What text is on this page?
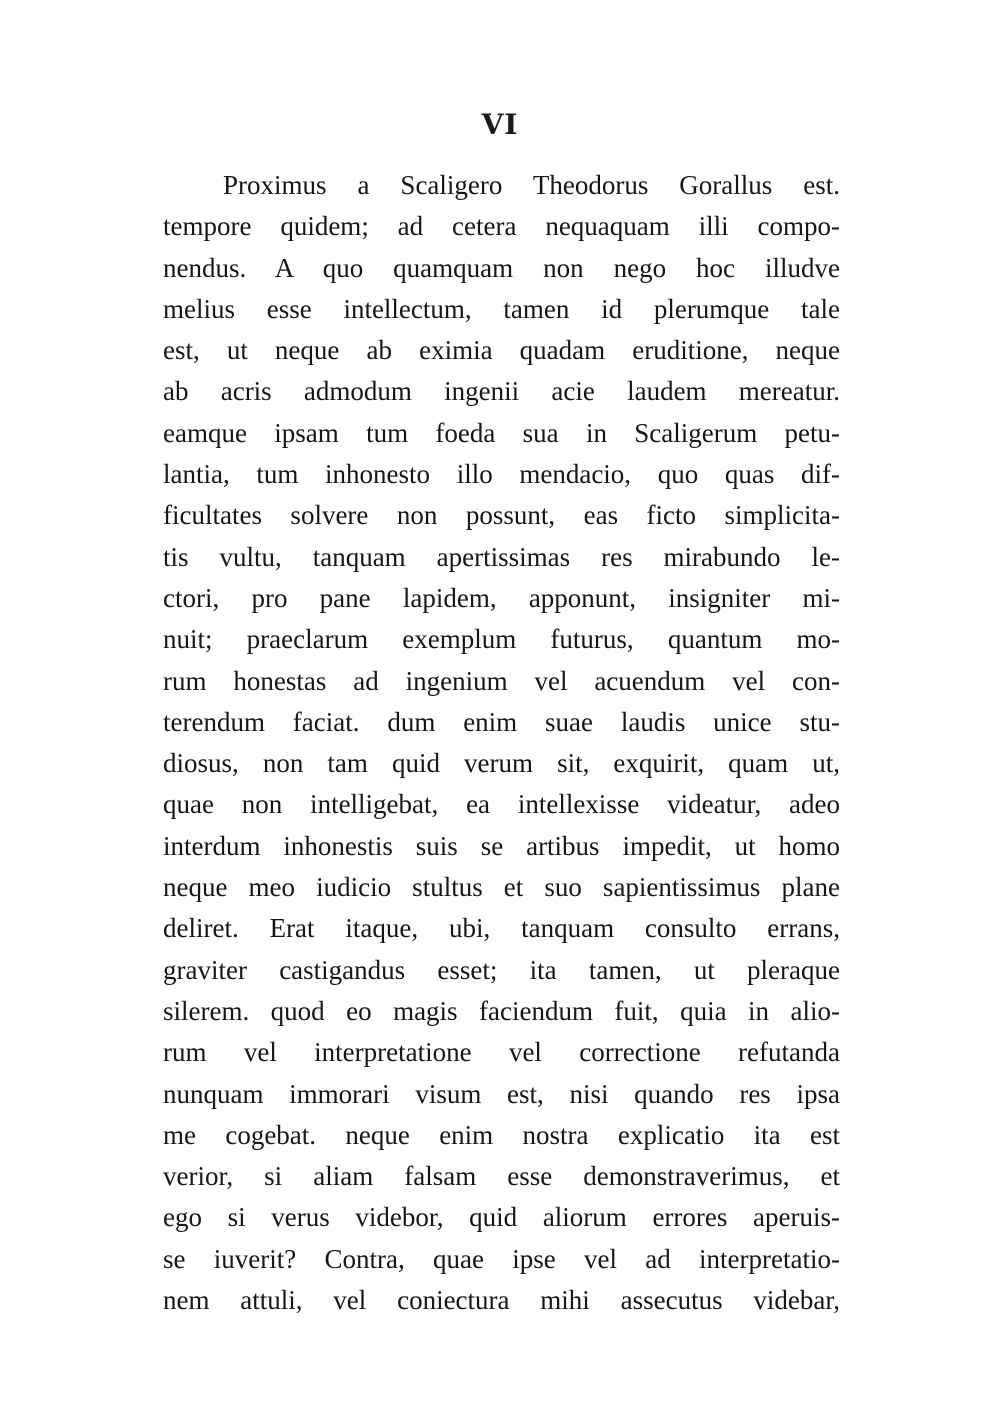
VI
Proximus a Scaligero Theodorus Gorallus est.
tempore quidem; ad cetera nequaquam illi compo-
nendus. A quo quamquam non nego hoc illudve
melius esse intellectum, tamen id plerumque tale
est, ut neque ab eximia quadam eruditione, neque
ab acris admodum ingenii acie laudem mereatur.
eamque ipsam tum foeda sua in Scaligerum petu-
lantia, tum inhonesto illo mendacio, quo quas dif-
ficultates solvere non possunt, eas ficto simplicita-
tis vultu, tanquam apertissimas res mirabundo le-
ctori, pro pane lapidem, apponunt, insigniter mi-
nuit; praeclarum exemplum futurus, quantum mo-
rum honestas ad ingenium vel acuendum vel con-
terendum faciat. dum enim suae laudis unice stu-
diosus, non tam quid verum sit, exquirit, quam ut,
quae non intelligebat, ea intellexisse videatur, adeo
interdum inhonestis suis se artibus impedit, ut homo
neque meo iudicio stultus et suo sapientissimus plane
deliret. Erat itaque, ubi, tanquam consulto errans,
graviter castigandus esset; ita tamen, ut pleraque
silerem. quod eo magis faciendum fuit, quia in alio-
rum vel interpretatione vel correctione refutanda
nunquam immorari visum est, nisi quando res ipsa
me cogebat. neque enim nostra explicatio ita est
verior, si aliam falsam esse demonstraverimus, et
ego si verus videbor, quid aliorum errores aperuis-
se iuverit? Contra, quae ipse vel ad interpretatio-
nem attuli, vel coniectura mihi assecutus videbar,
